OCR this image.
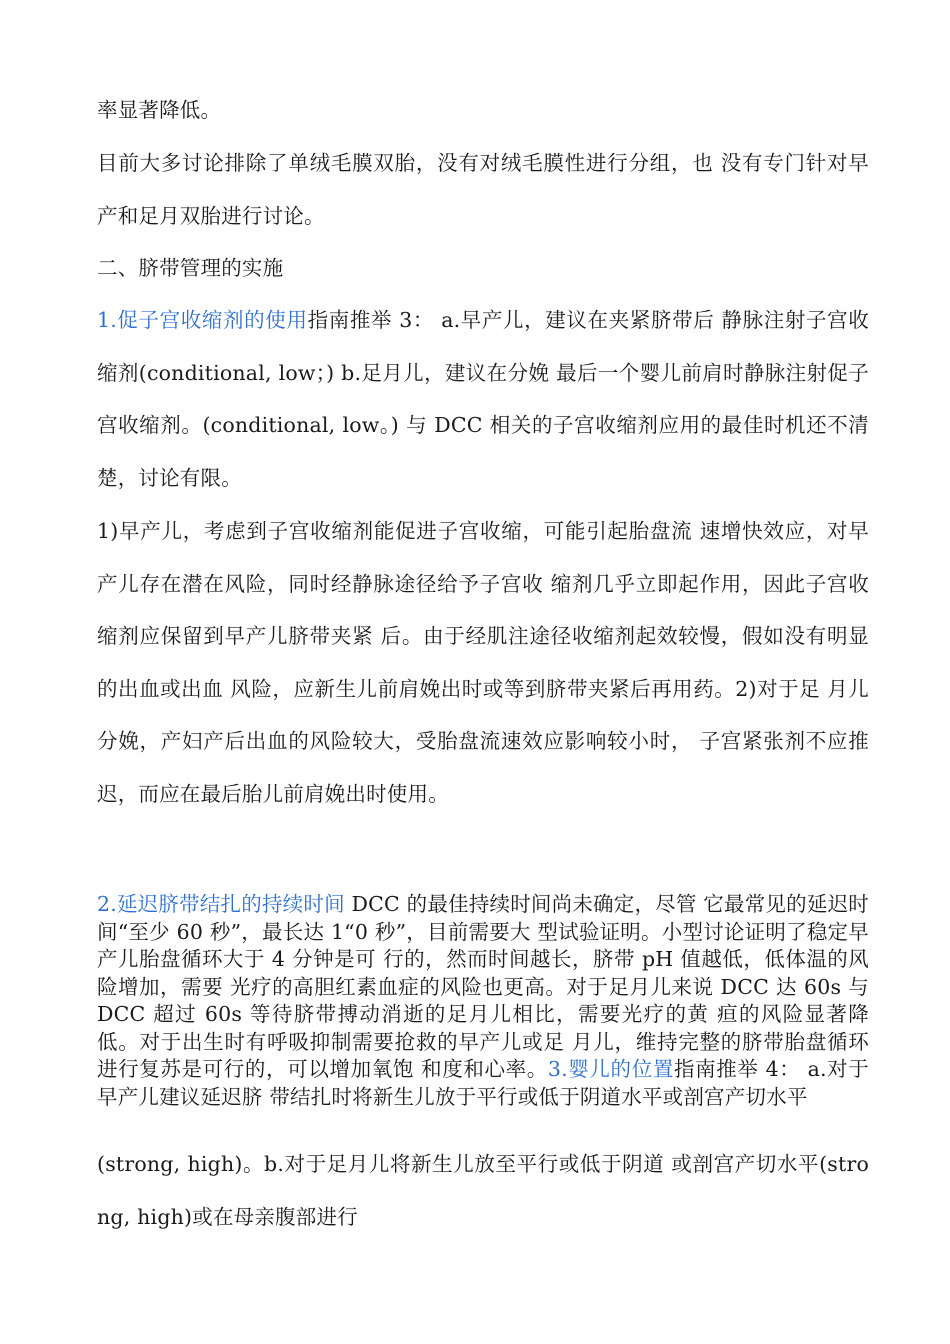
率显著降低。

目前大多讨论排除了单绒毛膜双胎，没有对绒毛膜性进行分组，也 没有专门针对早产和足月双胎进行讨论。

二、脐带管理的实施

1.促子宫收缩剂的使用指南推举 3： a.早产儿，建议在夹紧脐带后 静脉注射子宫收缩剂(conditional, low；) b.足月儿，建议在分娩 最后一个婴儿前肩时静脉注射促子宫收缩剂。(conditional, low。) 与 DCC 相关的子宫收缩剂应用的最佳时机还不清楚，讨论有限。

1)早产儿，考虑到子宫收缩剂能促进子宫收缩，可能引起胎盘流 速增快效应，对早产儿存在潜在风险，同时经静脉途径给予子宫收 缩剂几乎立即起作用，因此子宫收缩剂应保留到早产儿脐带夹紧 后。由于经肌注途径收缩剂起效较慢，假如没有明显的出血或出血 风险，应新生儿前肩娩出时或等到脐带夹紧后再用药。2)对于足 月儿分娩，产妇产后出血的风险较大，受胎盘流速效应影响较小时， 子宫紧张剂不应推迟，而应在最后胎儿前肩娩出时使用。

2.延迟脐带结扎的持续时间 DCC 的最佳持续时间尚未确定，尽管 它最常见的延迟时间“至少 60 秒”，最长达 1“0 秒”，目前需要大 型试验证明。小型讨论证明了稳定早产儿胎盘循环大于 4 分钟是可 行的，然而时间越长，脐带 pH 值越低，低体温的风险增加，需要 光疗的高胆红素血症的风险也更高。对于足月儿来说 DCC 达 60s 与 DCC 超过 60s 等待脐带搏动消逝的足月儿相比，需要光疗的黄 疸的风险显著降低。对于出生时有呼吸抑制需要抢救的早产儿或足 月儿，维持完整的脐带胎盘循环进行复苏是可行的，可以增加氧饱 和度和心率。3.婴儿的位置指南推举 4： a.对于早产儿建议延迟脐 带结扎时将新生儿放于平行或低于阴道水平或剖宫产切水平

(strong, high)。b.对于足月儿将新生儿放至平行或低于阴道 或剖宫产切水平(strong, high)或在母亲腹部进行
